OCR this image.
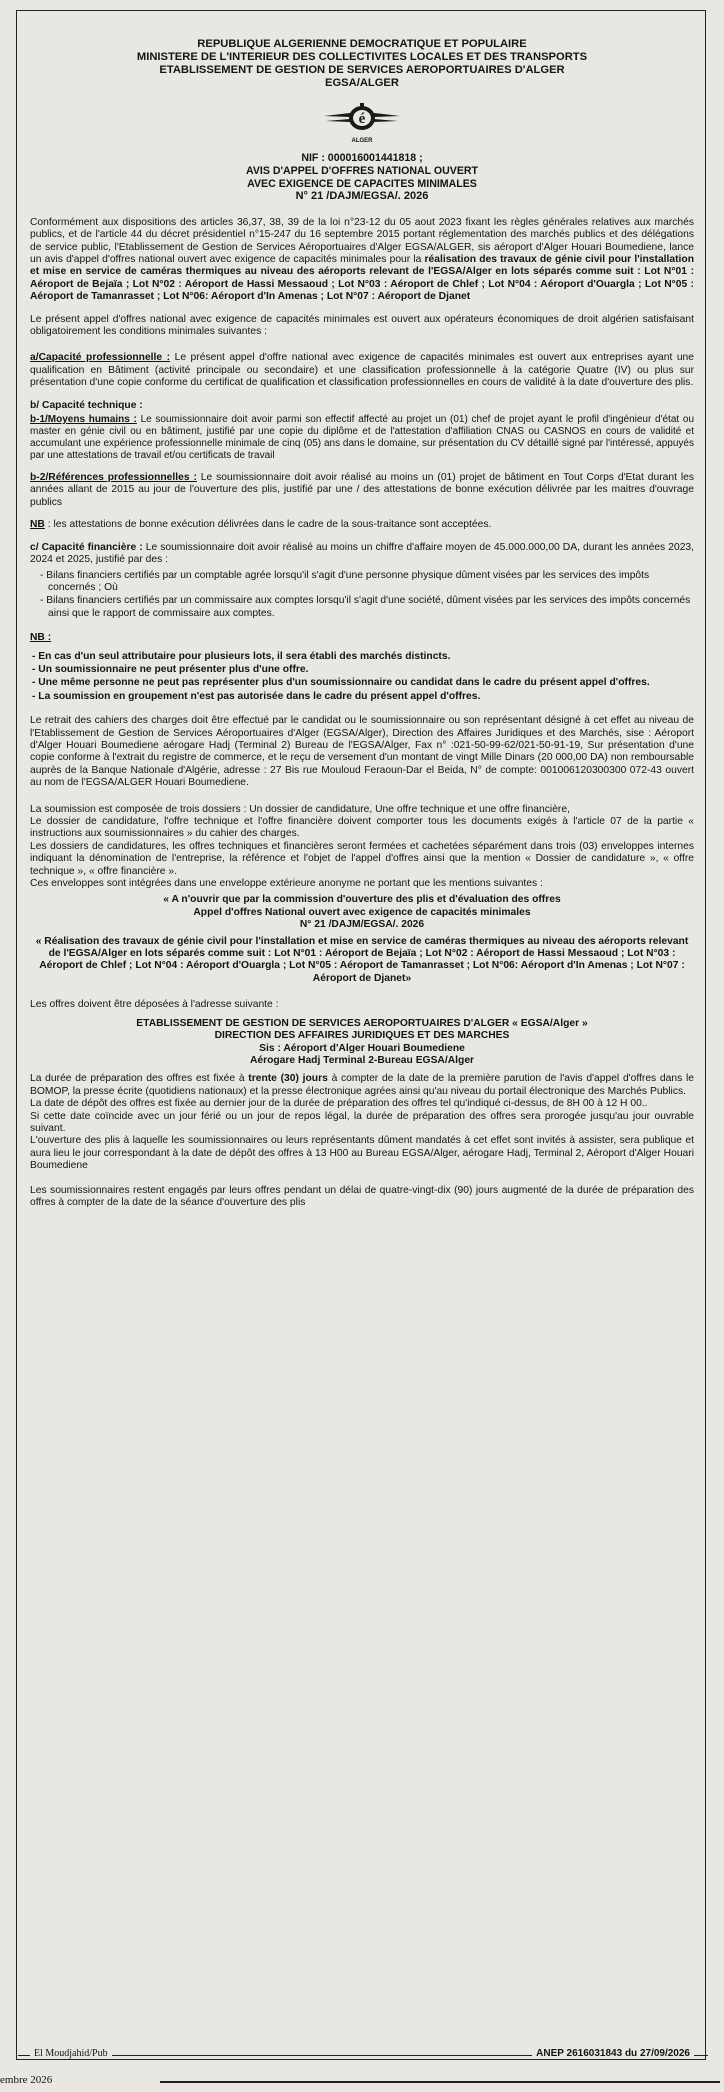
REPUBLIQUE ALGERIENNE DEMOCRATIQUE ET POPULAIRE
MINISTERE DE L'INTERIEUR DES COLLECTIVITES LOCALES ET DES TRANSPORTS
ETABLISSEMENT DE GESTION DE SERVICES AEROPORTUAIRES D'ALGER
EGSA/ALGER
é
ALGER
NIF : 000016001441818 ;
AVIS D'APPEL D'OFFRES NATIONAL OUVERT
AVEC EXIGENCE DE CAPACITES MINIMALES
N° 21 /DAJM/EGSA/. 2026

Conformément aux dispositions des articles 36,37, 38, 39 de la loi n°23-12 du 05 aout 2023 fixant les règles générales relatives aux marchés publics, et de l'article 44 du décret présidentiel n°15-247 du 16 septembre 2015 portant réglementation des marchés publics et des délégations de service public, l'Etablissement de Gestion de Services Aéroportuaires d'Alger EGSA/ALGER, sis aéroport d'Alger Houari Boumediene, lance un avis d'appel d'offres national ouvert avec exigence de capacités minimales pour la réalisation des travaux de génie civil pour l'installation et mise en service de caméras thermiques au niveau des aéroports relevant de l'EGSA/Alger en lots séparés comme suit : Lot N°01 : Aéroport de Bejaïa ; Lot N°02 : Aéroport de Hassi Messaoud ; Lot N°03 : Aéroport de Chlef ; Lot N°04 : Aéroport d'Ouargla ; Lot N°05 : Aéroport de Tamanrasset ; Lot N°06: Aéroport d'In Amenas ; Lot N°07 : Aéroport de Djanet

Le présent appel d'offres national avec exigence de capacités minimales est ouvert aux opérateurs économiques de droit algérien satisfaisant obligatoirement les conditions minimales suivantes :

a/Capacité professionnelle : Le présent appel d'offre national avec exigence de capacités minimales est ouvert aux entreprises ayant une qualification en Bâtiment (activité principale ou secondaire) et une classification professionnelle à la catégorie Quatre (IV) ou plus sur présentation d'une copie conforme du certificat de qualification et classification professionnelles en cours de validité à la date d'ouverture des plis.

b/ Capacité technique :

b-1/Moyens humains : Le soumissionnaire doit avoir parmi son effectif affecté au projet un (01) chef de projet ayant le profil d'ingénieur d'état ou master en génie civil ou en bâtiment, justifié par une copie du diplôme et de l'attestation d'affiliation CNAS ou CASNOS en cours de validité et accumulant une expérience professionnelle minimale de cinq (05) ans dans le domaine, sur présentation du CV détaillé signé par l'intéressé, appuyés par une attestations de travail et/ou certificats de travail

b-2/Références professionnelles : Le soumissionnaire doit avoir réalisé au moins un (01) projet de bâtiment en Tout Corps d'Etat durant les années allant de 2015 au jour de l'ouverture des plis, justifié par une / des attestations de bonne exécution délivrée par les maitres d'ouvrage publics

NB : les attestations de bonne exécution délivrées dans le cadre de la sous-traitance sont acceptées.

c/ Capacité financière : Le soumissionnaire doit avoir réalisé au moins un chiffre d'affaire moyen de 45.000.000,00 DA, durant les années 2023, 2024 et 2025, justifié par des :

- Bilans financiers certifiés par un comptable agrée lorsqu'il s'agit d'une personne physique dûment visées par les services des impôts concernés ; Où
- Bilans financiers certifiés par un commissaire aux comptes lorsqu'il s'agit d'une société, dûment visées par les services des impôts concernés ainsi que le rapport de commissaire aux comptes.
NB :
- En cas d'un seul attributaire pour plusieurs lots, il sera établi des marchés distincts.
- Un soumissionnaire ne peut présenter plus d'une offre.
- Une même personne ne peut pas représenter plus d'un soumissionnaire ou candidat dans le cadre du présent appel d'offres.
- La soumission en groupement n'est pas autorisée dans le cadre du présent appel d'offres.

Le retrait des cahiers des charges doit être effectué par le candidat ou le soumissionnaire ou son représentant désigné à cet effet au niveau de l'Etablissement de Gestion de Services Aéroportuaires d'Alger (EGSA/Alger), Direction des Affaires Juridiques et des Marchés, sise : Aéroport d'Alger Houari Boumediene aérogare Hadj (Terminal 2) Bureau de l'EGSA/Alger, Fax n° :021-50-99-62/021-50-91-19, Sur présentation d'une copie conforme à l'extrait du registre de commerce, et le reçu de versement d'un montant de vingt Mille Dinars (20 000,00 DA) non remboursable auprès de la Banque Nationale d'Algérie, adresse : 27 Bis rue Mouloud Feraoun-Dar el Beida, N° de compte: 001006120300300 072-43 ouvert au nom de l'EGSA/ALGER Houari Boumediene.

La soumission est composée de trois dossiers : Un dossier de candidature, Une offre technique et une offre financière,
Le dossier de candidature, l'offre technique et l'offre financière doivent comporter tous les documents exigés à l'article 07 de la partie « instructions aux soumissionnaires » du cahier des charges.
Les dossiers de candidatures, les offres techniques et financières seront fermées et cachetées séparément dans trois (03) enveloppes internes indiquant la dénomination de l'entreprise, la référence et l'objet de l'appel d'offres ainsi que la mention « Dossier de candidature », « offre technique », « offre financière ».
Ces enveloppes sont intégrées dans une enveloppe extérieure anonyme ne portant que les mentions suivantes :
« A n'ouvrir que par la commission d'ouverture des plis et d'évaluation des offres
Appel d'offres National ouvert avec exigence de capacités minimales
N° 21 /DAJM/EGSA/. 2026
« Réalisation des travaux de génie civil pour l'installation et mise en service de caméras thermiques au niveau des aéroports relevant de l'EGSA/Alger en lots séparés comme suit : Lot N°01 : Aéroport de Bejaïa ; Lot N°02 : Aéroport de Hassi Messaoud ; Lot N°03 : Aéroport de Chlef ; Lot N°04 : Aéroport d'Ouargla ; Lot N°05 : Aéroport de Tamanrasset ; Lot N°06: Aéroport d'In Amenas ; Lot N°07 : Aéroport de Djanet»
Les offres doivent être déposées à l'adresse suivante :
ETABLISSEMENT DE GESTION DE SERVICES AEROPORTUAIRES D'ALGER « EGSA/Alger »
DIRECTION DES AFFAIRES JURIDIQUES ET DES MARCHES
Sis : Aéroport d'Alger Houari Boumediene
Aérogare Hadj Terminal 2-Bureau EGSA/Alger
La durée de préparation des offres est fixée à trente (30) jours à compter de la date de la première parution de l'avis d'appel d'offres dans le BOMOP, la presse écrite (quotidiens nationaux) et la presse électronique agrées ainsi qu'au niveau du portail électronique des Marchés Publics.
La date de dépôt des offres est fixée au dernier jour de la durée de préparation des offres tel qu'indiqué ci-dessus, de 8H 00 à 12 H 00..
Si cette date coïncide avec un jour férié ou un jour de repos légal, la durée de préparation des offres sera prorogée jusqu'au jour ouvrable suivant.
L'ouverture des plis à laquelle les soumissionnaires ou leurs représentants dûment mandatés à cet effet sont invités à assister, sera publique et aura lieu le jour correspondant à la date de dépôt des offres à 13 H00 au Bureau EGSA/Alger, aérogare Hadj, Terminal 2, Aéroport d'Alger Houari Boumediene

Les soumissionnaires restent engagés par leurs offres pendant un délai de quatre-vingt-dix (90) jours augmenté de la durée de préparation des offres à compter de la date de la séance d'ouverture des plis

El Moudjahid/Pub	ANEP 2616031843 du 27/09/2026
embre 2026
